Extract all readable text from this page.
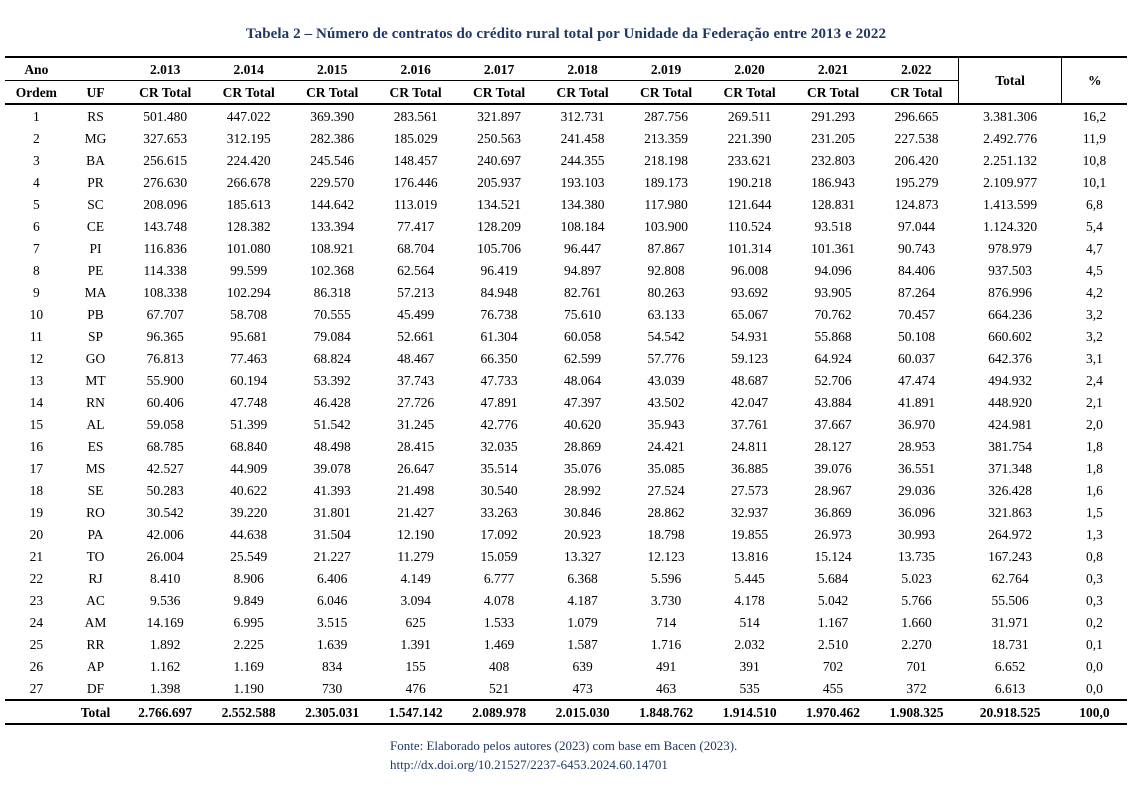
Tabela 2 – Número de contratos do crédito rural total por Unidade da Federação entre 2013 e 2022
Ano		2.013	2.014	2.015	2.016	2.017	2.018	2.019	2.020	2.021	2.022	Total	%
Ordem	UF	CR Total	CR Total	CR Total	CR Total	CR Total	CR Total	CR Total	CR Total	CR Total	CR Total		
1	RS	501.480	447.022	369.390	283.561	321.897	312.731	287.756	269.511	291.293	296.665	3.381.306	16,2
2	MG	327.653	312.195	282.386	185.029	250.563	241.458	213.359	221.390	231.205	227.538	2.492.776	11,9
3	BA	256.615	224.420	245.546	148.457	240.697	244.355	218.198	233.621	232.803	206.420	2.251.132	10,8
4	PR	276.630	266.678	229.570	176.446	205.937	193.103	189.173	190.218	186.943	195.279	2.109.977	10,1
5	SC	208.096	185.613	144.642	113.019	134.521	134.380	117.980	121.644	128.831	124.873	1.413.599	6,8
6	CE	143.748	128.382	133.394	77.417	128.209	108.184	103.900	110.524	93.518	97.044	1.124.320	5,4
7	PI	116.836	101.080	108.921	68.704	105.706	96.447	87.867	101.314	101.361	90.743	978.979	4,7
8	PE	114.338	99.599	102.368	62.564	96.419	94.897	92.808	96.008	94.096	84.406	937.503	4,5
9	MA	108.338	102.294	86.318	57.213	84.948	82.761	80.263	93.692	93.905	87.264	876.996	4,2
10	PB	67.707	58.708	70.555	45.499	76.738	75.610	63.133	65.067	70.762	70.457	664.236	3,2
11	SP	96.365	95.681	79.084	52.661	61.304	60.058	54.542	54.931	55.868	50.108	660.602	3,2
12	GO	76.813	77.463	68.824	48.467	66.350	62.599	57.776	59.123	64.924	60.037	642.376	3,1
13	MT	55.900	60.194	53.392	37.743	47.733	48.064	43.039	48.687	52.706	47.474	494.932	2,4
14	RN	60.406	47.748	46.428	27.726	47.891	47.397	43.502	42.047	43.884	41.891	448.920	2,1
15	AL	59.058	51.399	51.542	31.245	42.776	40.620	35.943	37.761	37.667	36.970	424.981	2,0
16	ES	68.785	68.840	48.498	28.415	32.035	28.869	24.421	24.811	28.127	28.953	381.754	1,8
17	MS	42.527	44.909	39.078	26.647	35.514	35.076	35.085	36.885	39.076	36.551	371.348	1,8
18	SE	50.283	40.622	41.393	21.498	30.540	28.992	27.524	27.573	28.967	29.036	326.428	1,6
19	RO	30.542	39.220	31.801	21.427	33.263	30.846	28.862	32.937	36.869	36.096	321.863	1,5
20	PA	42.006	44.638	31.504	12.190	17.092	20.923	18.798	19.855	26.973	30.993	264.972	1,3
21	TO	26.004	25.549	21.227	11.279	15.059	13.327	12.123	13.816	15.124	13.735	167.243	0,8
22	RJ	8.410	8.906	6.406	4.149	6.777	6.368	5.596	5.445	5.684	5.023	62.764	0,3
23	AC	9.536	9.849	6.046	3.094	4.078	4.187	3.730	4.178	5.042	5.766	55.506	0,3
24	AM	14.169	6.995	3.515	625	1.533	1.079	714	514	1.167	1.660	31.971	0,2
25	RR	1.892	2.225	1.639	1.391	1.469	1.587	1.716	2.032	2.510	2.270	18.731	0,1
26	AP	1.162	1.169	834	155	408	639	491	391	702	701	6.652	0,0
27	DF	1.398	1.190	730	476	521	473	463	535	455	372	6.613	0,0
	Total	2.766.697	2.552.588	2.305.031	1.547.142	2.089.978	2.015.030	1.848.762	1.914.510	1.970.462	1.908.325	20.918.525	100,0
Fonte: Elaborado pelos autores (2023) com base em Bacen (2023).
http://dx.doi.org/10.21527/2237-6453.2024.60.14701
